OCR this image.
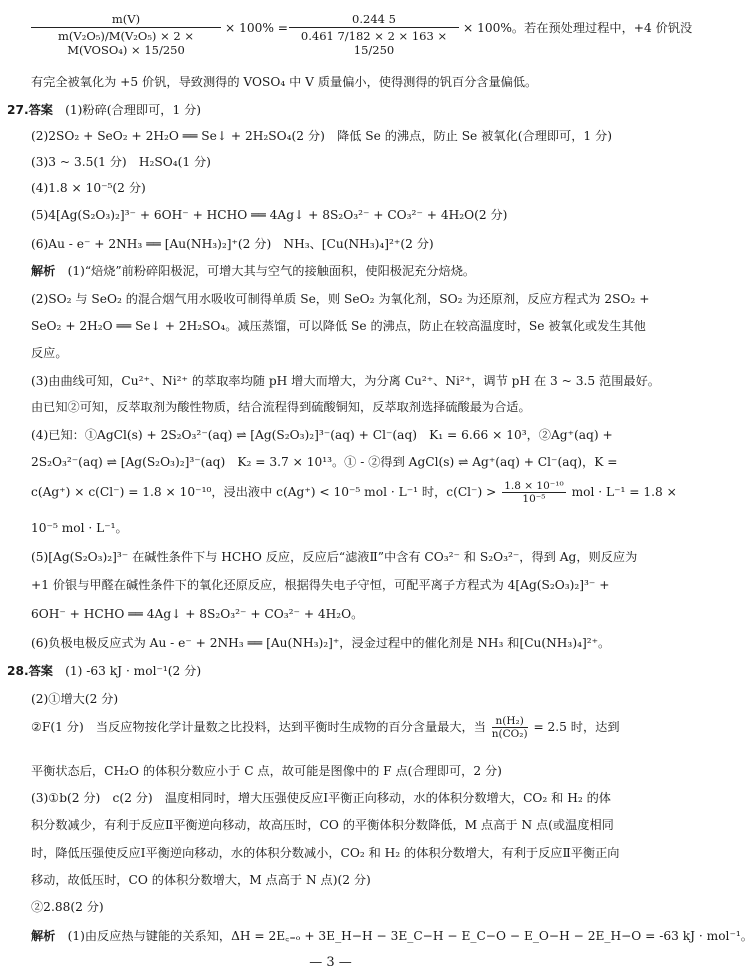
m(V)
m(V₂O₅)/M(V₂O₅) × 2 × M(VOSO₄) × 15/250
× $100\% = \frac{0.244 5}{0.461 7/182 \times 2 \times 163 \times 15/250} \times 100\%$。若在预处理过程中，+4 价钒没
有完全被氧化为 +5 价钒，导致测得的 VOSO₄ 中 V 质量偏小，使得测得的钒百分含量偏低。
27.答案　 (1)粉碎(合理即可，1 分)
(2)2SO₂ + SeO₂ + 2H₂O ══ Se↓ + 2H₂SO₄(2 分)　降低 Se 的沸点，防止 Se 被氧化(合理即可，1 分)
(3)3 ~ 3.5(1 分)　H₂SO₄(1 分)
(4)1.8 × 10⁻⁵(2 分)
(5)4[Ag(S₂O₃)₂]³⁻ + 6OH⁻ + HCHO ══ 4Ag↓ + 8S₂O₃²⁻ + CO₃²⁻ + 4H₂O(2 分)
(6)Au - e⁻ + 2NH₃ ══ [Au(NH₃)₂]⁺(2 分)　NH₃、[Cu(NH₃)₄]²⁺(2 分)
解析　 (1)“焙烧”前粉碎阳极泥，可增大其与空气的接触面积，使阳极泥充分焙烧。
(2)SO₂ 与 SeO₂ 的混合烟气用水吸收可制得单质 Se，则 SeO₂ 为氧化剂，SO₂ 为还原剂，反应方程式为 2SO₂ +
SeO₂ + 2H₂O ══ Se↓ + 2H₂SO₄。减压蒸馏，可以降低 Se 的沸点，防止在较高温度时，Se 被氧化或发生其他
反应。
(3)由曲线可知，Cu²⁺、Ni²⁺ 的萃取率均随 pH 增大而增大，为分离 Cu²⁺、Ni²⁺，调节 pH 在 3 ~ 3.5 范围最好。
由已知②可知，反萃取剂为酸性物质，结合流程得到硫酸铜知，反萃取剂选择硫酸最为合适。
(4)已知：①AgCl(s) + 2S₂O₃²⁻(aq) ⇌ [Ag(S₂O₃)₂]³⁻(aq) + Cl⁻(aq)　K₁ = 6.66 × 10³，②Ag⁺(aq) +
2S₂O₃²⁻(aq) ⇌ [Ag(S₂O₃)₂]³⁻(aq)　K₂ = 3.7 × 10¹³。① - ②得到 AgCl(s) ⇌ Ag⁺(aq) + Cl⁻(aq)，K =
c(Ag⁺) × c(Cl⁻) = 1.8 × 10⁻¹⁰，浸出液中 c(Ag⁺) < 10⁻⁵ mol · L⁻¹ 时，$c(Cl^-) > \frac{\text{1.8 × 10⁻¹⁰}}{\text{10⁻⁵}}$ mol · L⁻¹ = 1.8 ×
10⁻⁵ mol · L⁻¹。
(5)[Ag(S₂O₃)₂]³⁻ 在碱性条件下与 HCHO 反应，反应后“滤液Ⅱ”中含有 CO₃²⁻ 和 S₂O₃²⁻，得到 Ag，则反应为
+1 价银与甲醛在碱性条件下的氧化还原反应，根据得失电子守恒，可配平离子方程式为 4[Ag(S₂O₃)₂]³⁻ +
6OH⁻ + HCHO ══ 4Ag↓ + 8S₂O₃²⁻ + CO₃²⁻ + 4H₂O。
(6)负极电极反应式为 Au - e⁻ + 2NH₃ ══ [Au(NH₃)₂]⁺，浸金过程中的催化剂是 NH₃ 和[Cu(NH₃)₄]²⁺。
28.答案　 (1) -63 kJ · mol⁻¹(2 分)
(2)①增大(2 分)
②F(1 分)　当反应物按化学计量数之比投料，达到平衡时生成物的百分含量最大，当 $\frac{\text{n(H₂)}}{\text{n(CO₂)}} = 2.5$ 时，达到
平衡状态后，CH₂O 的体积分数应小于 C 点，故可能是图像中的 F 点(合理即可，2 分)
(3)①b(2 分)　c(2 分)　温度相同时，增大压强使反应Ⅰ平衡正向移动，水的体积分数增大，CO₂ 和 H₂ 的体
积分数减少，有利于反应Ⅱ平衡逆向移动，故高压时，CO 的平衡体积分数降低，M 点高于 N 点(或温度相同
时，降低压强使反应Ⅰ平衡逆向移动，水的体积分数减小，CO₂ 和 H₂ 的体积分数增大，有利于反应Ⅱ平衡正向
移动，故低压时，CO 的体积分数增大，M 点高于 N 点)(2 分)
②2.88(2 分)
解析　 (1)由反应热与键能的关系知，ΔH = 2E꜀₌ₒ + 3E_H−H − 3E_C−H − E_C−O − E_O−H − 2E_H−O = -63 kJ · mol⁻¹。
— 3 —
